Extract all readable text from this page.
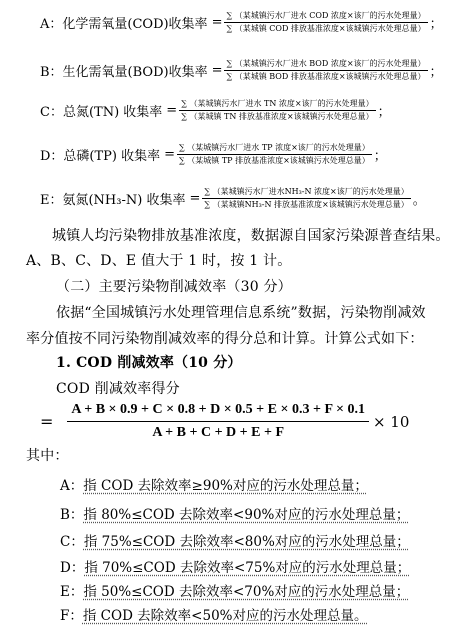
A：化学需氧量(COD)收集率 = $\frac{\text{∑ （某城镇污水厂进水 COD 浓度×该厂的污水处理量）}}{\text{∑ （某城镇 COD 排放基准浓度×该城镇污水处理总量）}}$ ；
B：生化需氧量(BOD)收集率 = $\frac{\text{∑ （某城镇污水厂进水 BOD 浓度×该厂的污水处理量）}}{\text{∑ （某城镇 BOD 排放基准浓度×该城镇污水处理总量）}}$ ；
C：总氮(TN) 收集率 = $\frac{\text{∑ （某城镇污水厂进水 TN 浓度×该厂的污水处理量）}}{\text{∑ （某城镇 TN 排放基准浓度×该城镇污水处理总量）}}$ ；
D：总磷(TP) 收集率 = $\frac{\text{∑ （某城镇污水厂进水 TP 浓度×该厂的污水处理量）}}{\text{∑ （某城镇 TP 排放基准浓度×该城镇污水处理总量）}}$ ；
E：氨氮(NH₃-N) 收集率 = $\frac{\text{∑ （某城镇污水厂进水NH₃-N 浓度×该厂的污水处理量）}}{\text{∑ （某城镇NH₃-N 排放基准浓度×该城镇污水处理总量）}}$ 。
城镇人均污染物排放基准浓度，数据源自国家污染源普查结果。
A、B、C、D、E 值大于 1 时，按 1 计。
（二）主要污染物削减效率（30 分）
依据“全国城镇污水处理管理信息系统”数据，污染物削减效
率分值按不同污染物削减效率的得分总和计算。计算公式如下：
1. COD 削减效率（10 分）
COD 削减效率得分
=
A + B × 0.9 + C × 0.8 + D × 0.5 + E × 0.3 + F × 0.1
A + B + C + D + E + F
× 10
其中：
A：指 COD 去除效率≥90%对应的污水处理总量；
B：指 80%≤COD 去除效率<90%对应的污水处理总量；
C：指 75%≤COD 去除效率<80%对应的污水处理总量；
D：指 70%≤COD 去除效率<75%对应的污水处理总量；
E：指 50%≤COD 去除效率<70%对应的污水处理总量；
F：指 COD 去除效率<50%对应的污水处理总量。
